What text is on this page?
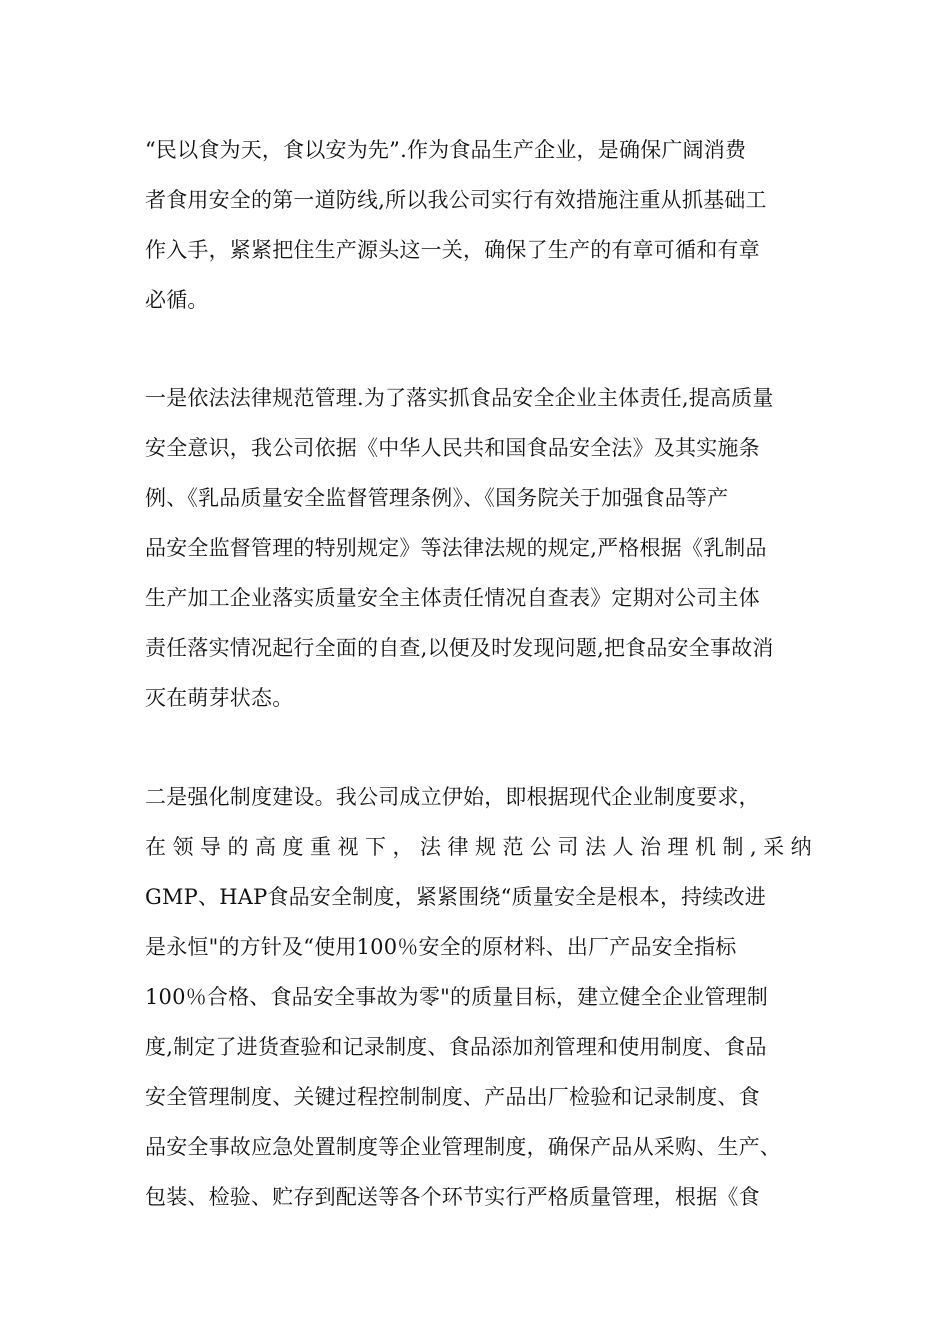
“民以食为天，食以安为先”.作为食品生产企业，是确保广阔消费
者食用安全的第一道防线,所以我公司实行有效措施注重从抓基础工
作入手，紧紧把住生产源头这一关，确保了生产的有章可循和有章
必循。
一是依法法律规范管理.为了落实抓食品安全企业主体责任,提高质量
安全意识，我公司依据《中华人民共和国食品安全法》及其实施条
例、《乳品质量安全监督管理条例》、《国务院关于加强食品等产
品安全监督管理的特别规定》等法律法规的规定,严格根据《乳制品
生产加工企业落实质量安全主体责任情况自查表》定期对公司主体
责任落实情况起行全面的自查,以便及时发现问题,把食品安全事故消
灭在萌芽状态。
二是强化制度建设。我公司成立伊始，即根据现代企业制度要求，
在领导的高度重视下，法律规范公司法人治理机制,采纳
GMP、HAP食品安全制度，紧紧围绕“质量安全是根本，持续改进
是永恒"的方针及“使用100％安全的原材料、出厂产品安全指标
100％合格、食品安全事故为零"的质量目标，建立健全企业管理制
度,制定了进货查验和记录制度、食品添加剂管理和使用制度、食品
安全管理制度、关键过程控制制度、产品出厂检验和记录制度、食
品安全事故应急处置制度等企业管理制度，确保产品从采购、生产、
包装、检验、贮存到配送等各个环节实行严格质量管理，根据《食
